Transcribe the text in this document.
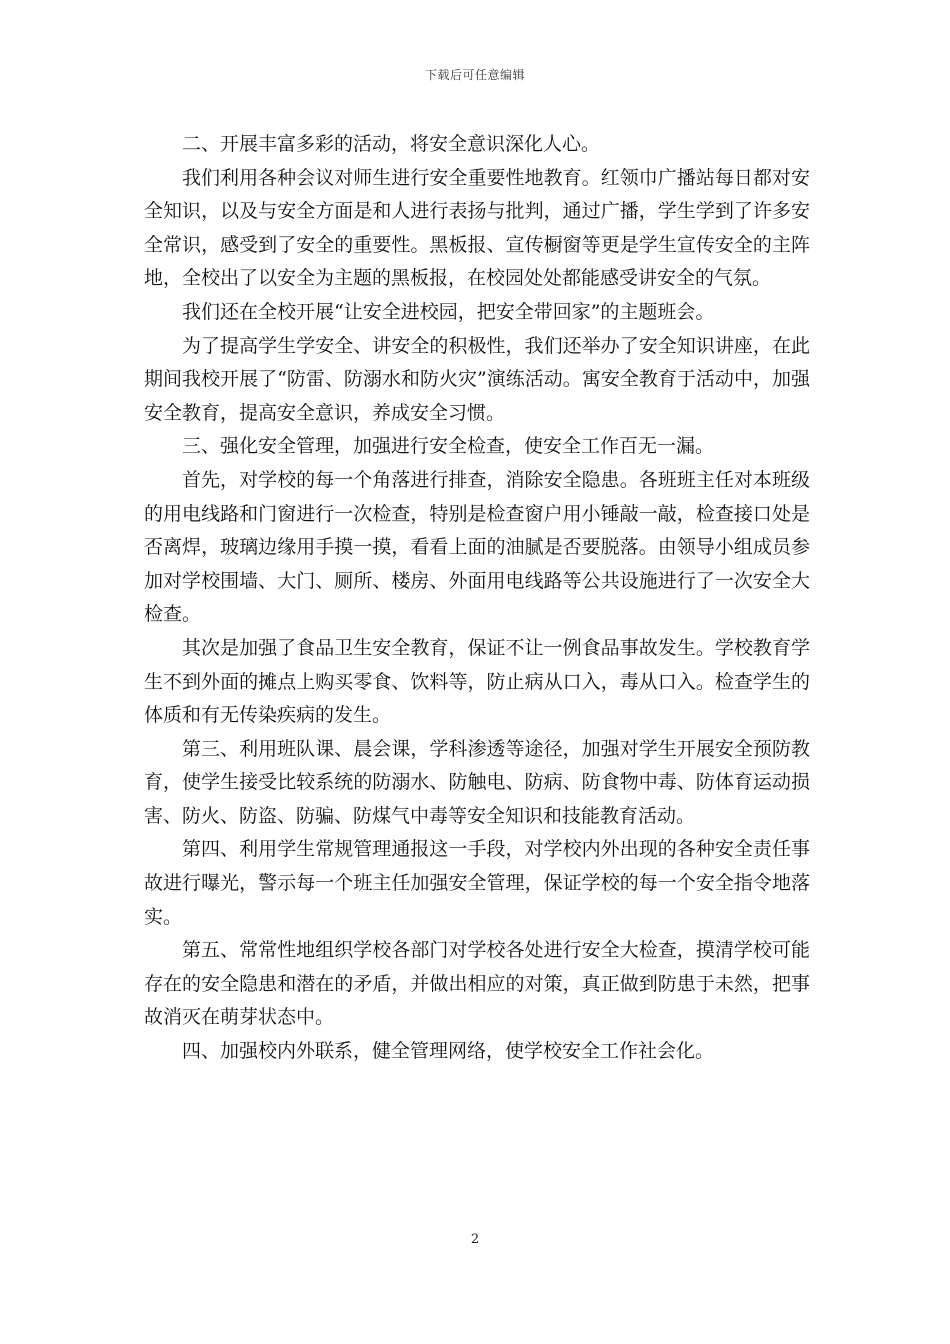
下载后可任意编辑

二、开展丰富多彩的活动，将安全意识深化人心。

我们利用各种会议对师生进行安全重要性地教育。红领巾广播站每日都对安全知识，以及与安全方面是和人进行表扬与批判，通过广播，学生学到了许多安全常识，感受到了安全的重要性。黑板报、宣传橱窗等更是学生宣传安全的主阵地，全校出了以安全为主题的黑板报，在校园处处都能感受讲安全的气氛。

我们还在全校开展“让安全进校园，把安全带回家”的主题班会。

为了提高学生学安全、讲安全的积极性，我们还举办了安全知识讲座，在此期间我校开展了“防雷、防溺水和防火灾”演练活动。寓安全教育于活动中，加强安全教育，提高安全意识，养成安全习惯。

三、强化安全管理，加强进行安全检查，使安全工作百无一漏。

首先，对学校的每一个角落进行排查，消除安全隐患。各班班主任对本班级的用电线路和门窗进行一次检查，特别是检查窗户用小锤敲一敲，检查接口处是否离焊，玻璃边缘用手摸一摸，看看上面的油腻是否要脱落。由领导小组成员参加对学校围墙、大门、厕所、楼房、外面用电线路等公共设施进行了一次安全大检查。

其次是加强了食品卫生安全教育，保证不让一例食品事故发生。学校教育学生不到外面的摊点上购买零食、饮料等，防止病从口入，毒从口入。检查学生的体质和有无传染疾病的发生。

第三、利用班队课、晨会课，学科渗透等途径，加强对学生开展安全预防教育，使学生接受比较系统的防溺水、防触电、防病、防食物中毒、防体育运动损害、防火、防盗、防骗、防煤气中毒等安全知识和技能教育活动。

第四、利用学生常规管理通报这一手段，对学校内外出现的各种安全责任事故进行曝光，警示每一个班主任加强安全管理，保证学校的每一个安全指令地落实。

第五、常常性地组织学校各部门对学校各处进行安全大检查，摸清学校可能存在的安全隐患和潜在的矛盾，并做出相应的对策，真正做到防患于未然，把事故消灭在萌芽状态中。

四、加强校内外联系，健全管理网络，使学校安全工作社会化。

2
